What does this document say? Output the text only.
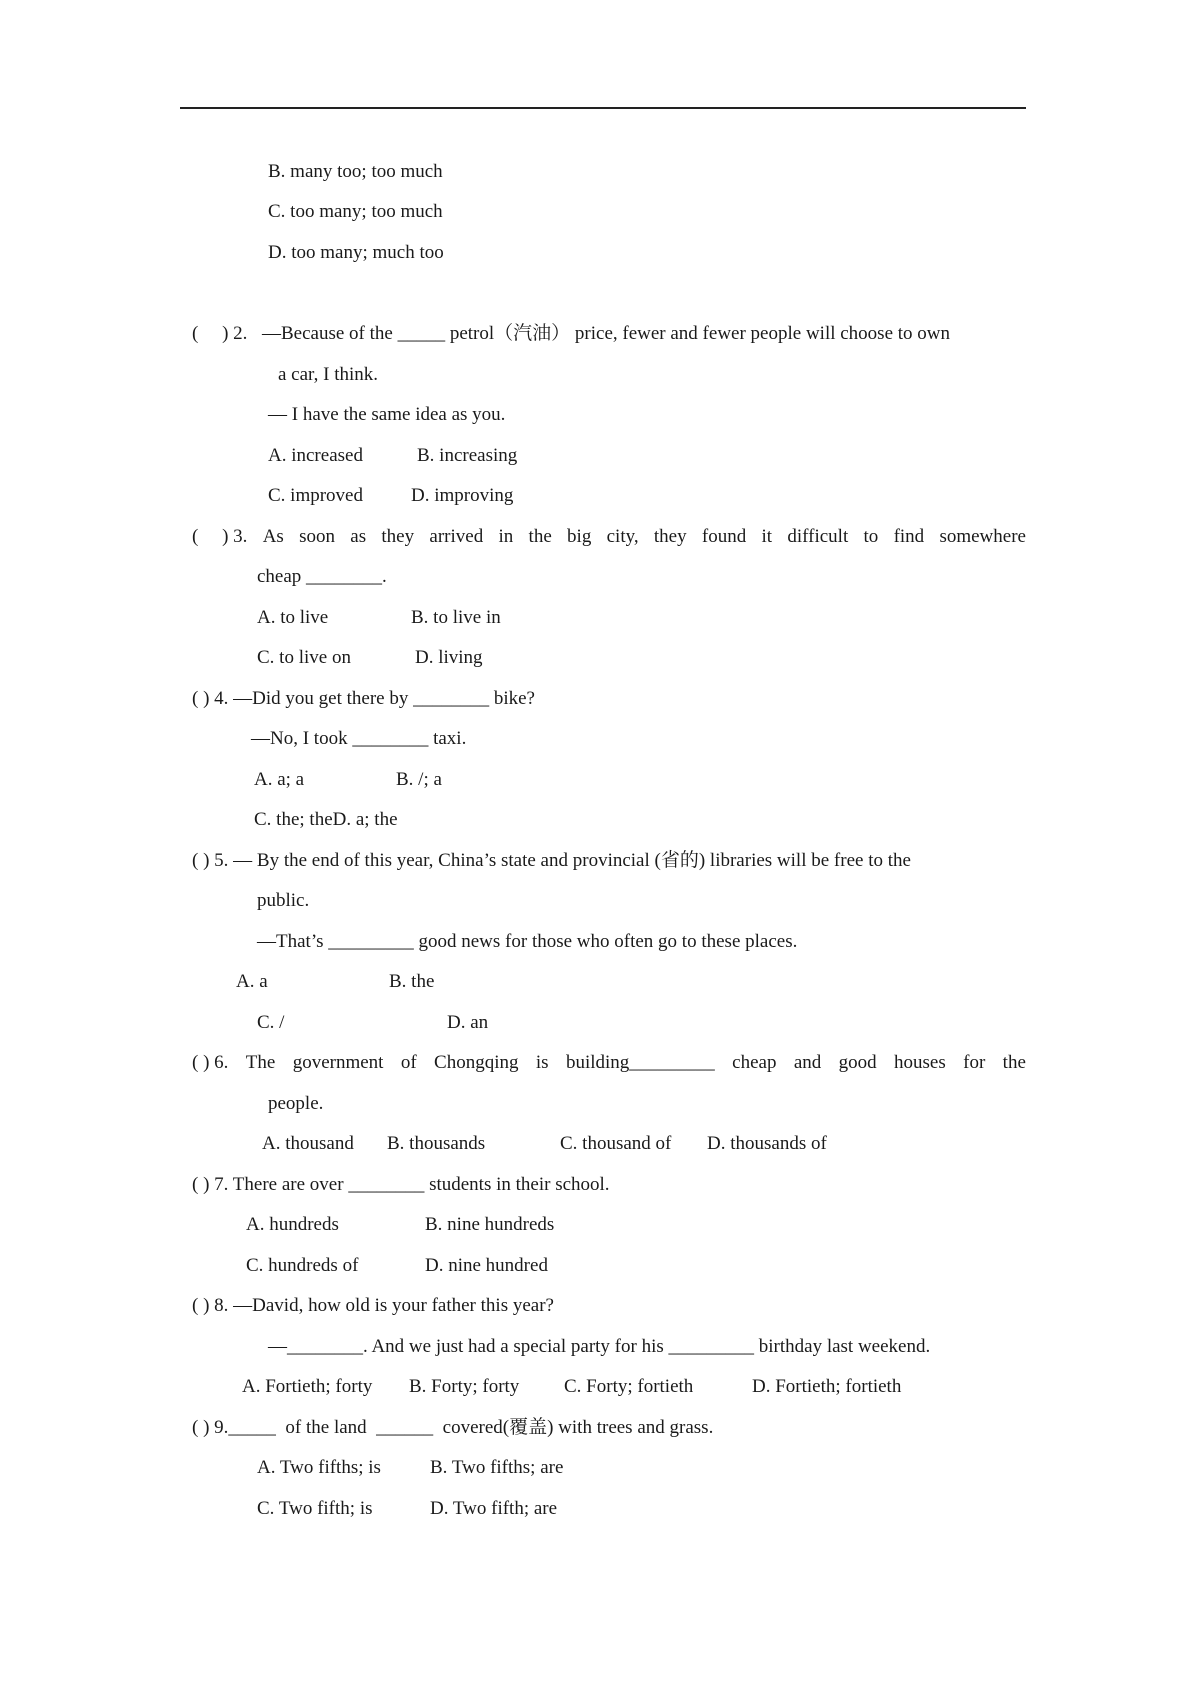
B. many too; too much
C. too many; too much
D. too many; much too
(　 ) 2. —Because of the _____ petrol（汽油） price, fewer and fewer people will choose to own
a car, I think.
— I have the same idea as you.
A. increased	B. increasing
C. improved	D. improving
(　 ) 3. As soon as they arrived in the big city, they found it difficult to find somewhere
cheap ________.
A. to live	B. to live in
C. to live on	D. living
( ) 4. —Did you get there by ________ bike?
—No, I took ________ taxi.
A. a; a	B. /; a
C. the; theD. a; the
( ) 5. — By the end of this year, China’s state and provincial (省的) libraries will be free to the
public.
—That’s _________ good news for those who often go to these places.
A. a	B. the
C. /	D. an
( ) 6. The government of Chongqing is building_________ cheap and good houses for the
people.
A. thousand B. thousands	C. thousand of D. thousands of
( ) 7. There are over ________ students in their school.
A. hundreds	B. nine hundreds
C. hundreds of	D. nine hundred
( ) 8. —David, how old is your father this year?
—________. And we just had a special party for his _________ birthday last weekend.
A. Fortieth; forty B. Forty; forty C. Forty; fortieth	D. Fortieth; fortieth
( ) 9._____  of the land  ______  covered(覆盖) with trees and grass.
A. Two fifths; is	B. Two fifths; are
C. Two fifth; is	D. Two fifth; are
